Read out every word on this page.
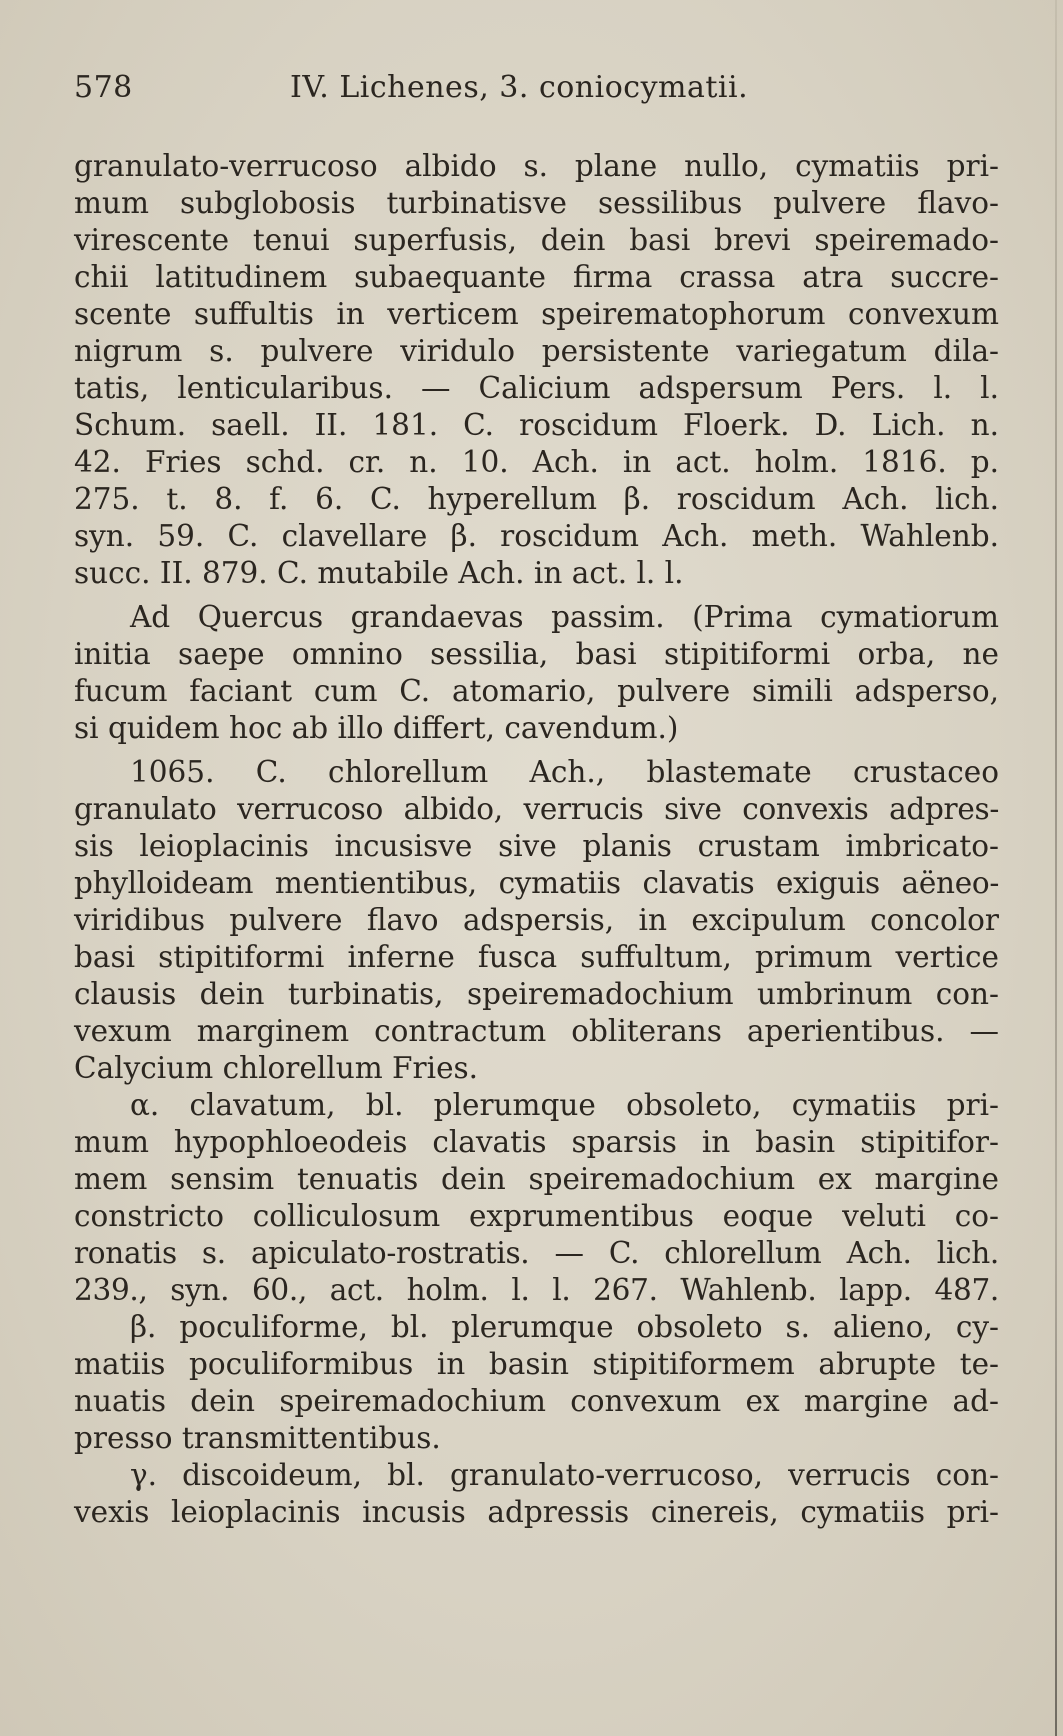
578	IV. Lichenes, 3. coniocymatii.
granulato-verrucoso albido s. plane nullo, cymatiis pri-
mum subglobosis turbinatisve sessilibus pulvere flavo-
virescente tenui superfusis, dein basi brevi speiremado-
chii latitudinem subaequante firma crassa atra succre-
scente suffultis in verticem speirematophorum convexum
nigrum s. pulvere viridulo persistente variegatum dila-
tatis, lenticularibus. — Calicium adspersum Pers. l. l.
Schum. saell. II. 181. C. roscidum Floerk. D. Lich. n.
42. Fries schd. cr. n. 10. Ach. in act. holm. 1816. p.
275. t. 8. f. 6. C. hyperellum β. roscidum Ach. lich.
syn. 59. C. clavellare β. roscidum Ach. meth. Wahlenb.
succ. II. 879. C. mutabile Ach. in act. l. l.
Ad Quercus grandaevas passim. (Prima cymatiorum
initia saepe omnino sessilia, basi stipitiformi orba, ne
fucum faciant cum C. atomario, pulvere simili adsperso,
si quidem hoc ab illo differt, cavendum.)
1065. C. chlorellum Ach., blastemate crustaceo
granulato verrucoso albido, verrucis sive convexis adpres-
sis leioplacinis incusisve sive planis crustam imbricato-
phylloideam mentientibus, cymatiis clavatis exiguis aëneo-
viridibus pulvere flavo adspersis, in excipulum concolor
basi stipitiformi inferne fusca suffultum, primum vertice
clausis dein turbinatis, speiremadochium umbrinum con-
vexum marginem contractum obliterans aperientibus. —
Calycium chlorellum Fries.
α. clavatum, bl. plerumque obsoleto, cymatiis pri-
mum hypophloeodeis clavatis sparsis in basin stipitifor-
mem sensim tenuatis dein speiremadochium ex margine
constricto colliculosum exprumentibus eoque veluti co-
ronatis s. apiculato-rostratis. — C. chlorellum Ach. lich.
239., syn. 60., act. holm. l. l. 267. Wahlenb. lapp. 487.
β. poculiforme, bl. plerumque obsoleto s. alieno, cy-
matiis poculiformibus in basin stipitiformem abrupte te-
nuatis dein speiremadochium convexum ex margine ad-
presso transmittentibus.
γ. discoideum, bl. granulato-verrucoso, verrucis con-
vexis leioplacinis incusis adpressis cinereis, cymatiis pri-
